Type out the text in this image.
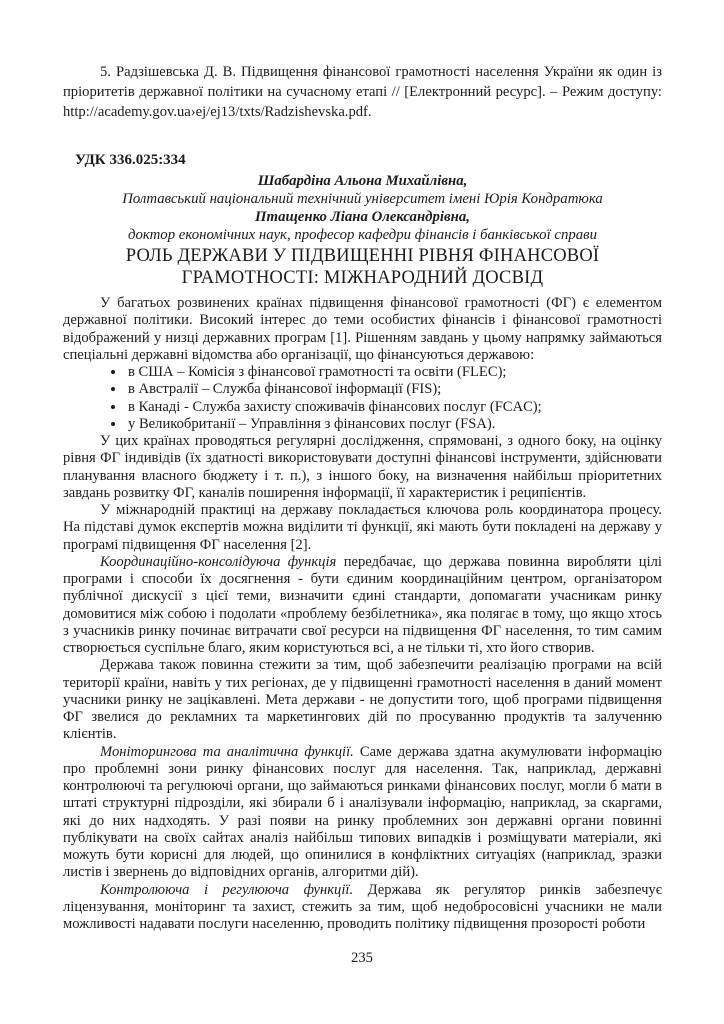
5. Радзішевська Д. В. Підвищення фінансової грамотності населення України як один із пріоритетів державної політики на сучасному етапі // [Електронний ресурс]. – Режим доступу: http://academy.gov.ua›ej/ej13/txts/Radzishevska.pdf.

УДК 336.025:334
Шабардіна Альона Михайлівна,
Полтавський національний технічний університет імені Юрія Кондратюка
Птащенко Ліана Олександрівна,
доктор економічних наук, професор кафедри фінансів і банківської справи
РОЛЬ ДЕРЖАВИ У ПІДВИЩЕННІ РІВНЯ ФІНАНСОВОЇ ГРАМОТНОСТІ: МІЖНАРОДНИЙ ДОСВІД

У багатьох розвинених країнах підвищення фінансової грамотності (ФГ) є елементом державної політики. Високий інтерес до теми особистих фінансів і фінансової грамотності відображений у низці державних програм [1]. Рішенням завдань у цьому напрямку займаються спеціальні державні відомства або організації, що фінансуються державою:

• в США – Комісія з фінансової грамотності та освіти (FLEC);
• в Австралії – Служба фінансової інформації (FIS);
• в Канаді - Служба захисту споживачів фінансових послуг (FCAC);
• у Великобританії – Управління з фінансових послуг (FSA).

У цих країнах проводяться регулярні дослідження, спрямовані, з одного боку, на оцінку рівня ФГ індивідів (їх здатності використовувати доступні фінансові інструменти, здійснювати планування власного бюджету і т. п.), з іншого боку, на визначення найбільш пріоритетних завдань розвитку ФГ, каналів поширення інформації, її характеристик і реципієнтів.

У міжнародній практиці на державу покладається ключова роль координатора процесу. На підставі думок експертів можна виділити ті функції, які мають бути покладені на державу у програмі підвищення ФГ населення [2].

Координаційно-консолідуюча функція передбачає, що держава повинна виробляти цілі програми і способи їх досягнення - бути єдиним координаційним центром, організатором публічної дискусії з цієї теми, визначити єдині стандарти, допомагати учасникам ринку домовитися між собою і подолати «проблему безбілетника», яка полягає в тому, що якщо хтось з учасників ринку починає витрачати свої ресурси на підвищення ФГ населення, то тим самим створюється суспільне благо, яким користуються всі, а не тільки ті, хто його створив.

Держава також повинна стежити за тим, щоб забезпечити реалізацію програми на всій території країни, навіть у тих регіонах, де у підвищенні грамотності населення в даний момент учасники ринку не зацікавлені. Мета держави - не допустити того, щоб програми підвищення ФГ звелися до рекламних та маркетингових дій по просуванню продуктів та залученню клієнтів.

Моніторингова та аналітична функції. Саме держава здатна акумулювати інформацію про проблемні зони ринку фінансових послуг для населення. Так, наприклад, державні контролюючі та регулюючі органи, що займаються ринками фінансових послуг, могли б мати в штаті структурні підрозділи, які збирали б і аналізували інформацію, наприклад, за скаргами, які до них надходять. У разі появи на ринку проблемних зон державні органи повинні публікувати на своїх сайтах аналіз найбільш типових випадків і розміщувати матеріали, які можуть бути корисні для людей, що опинилися в конфліктних ситуаціях (наприклад, зразки листів і звернень до відповідних органів, алгоритми дій).

Контролююча і регулююча функції. Держава як регулятор ринків забезпечує ліцензування, моніторинг та захист, стежить за тим, щоб недобросовісні учасники не мали можливості надавати послуги населенню, проводить політику підвищення прозорості роботи

235
